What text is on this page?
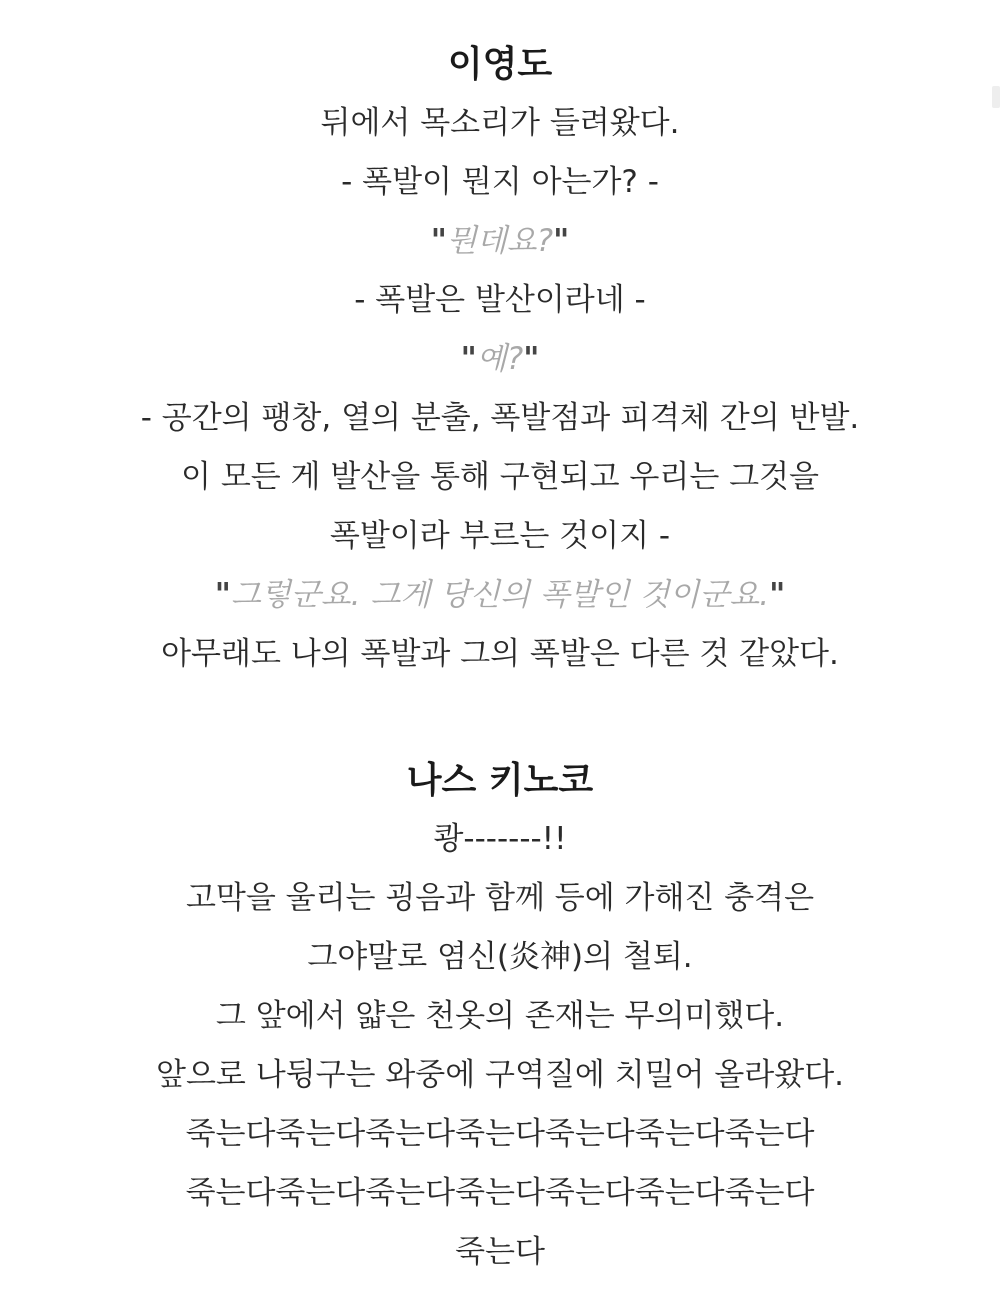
이영도
뒤에서 목소리가 들려왔다.
- 폭발이 뭔지 아는가? -
"뭔데요?"
- 폭발은 발산이라네 -
"예?"
- 공간의 팽창, 열의 분출, 폭발점과 피격체 간의 반발.
이 모든 게 발산을 통해 구현되고 우리는 그것을
폭발이라 부르는 것이지 -
"그렇군요. 그게 당신의 폭발인 것이군요."
아무래도 나의 폭발과 그의 폭발은 다른 것 같았다.
나스 키노코
쾅-------!!
고막을 울리는 굉음과 함께 등에 가해진 충격은
그야말로 염신(炎神)의 철퇴.
그 앞에서 얇은 천옷의 존재는 무의미했다.
앞으로 나뒹구는 와중에 구역질에 치밀어 올라왔다.
죽는다죽는다죽는다죽는다죽는다죽는다죽는다
죽는다죽는다죽는다죽는다죽는다죽는다죽는다
죽는다
